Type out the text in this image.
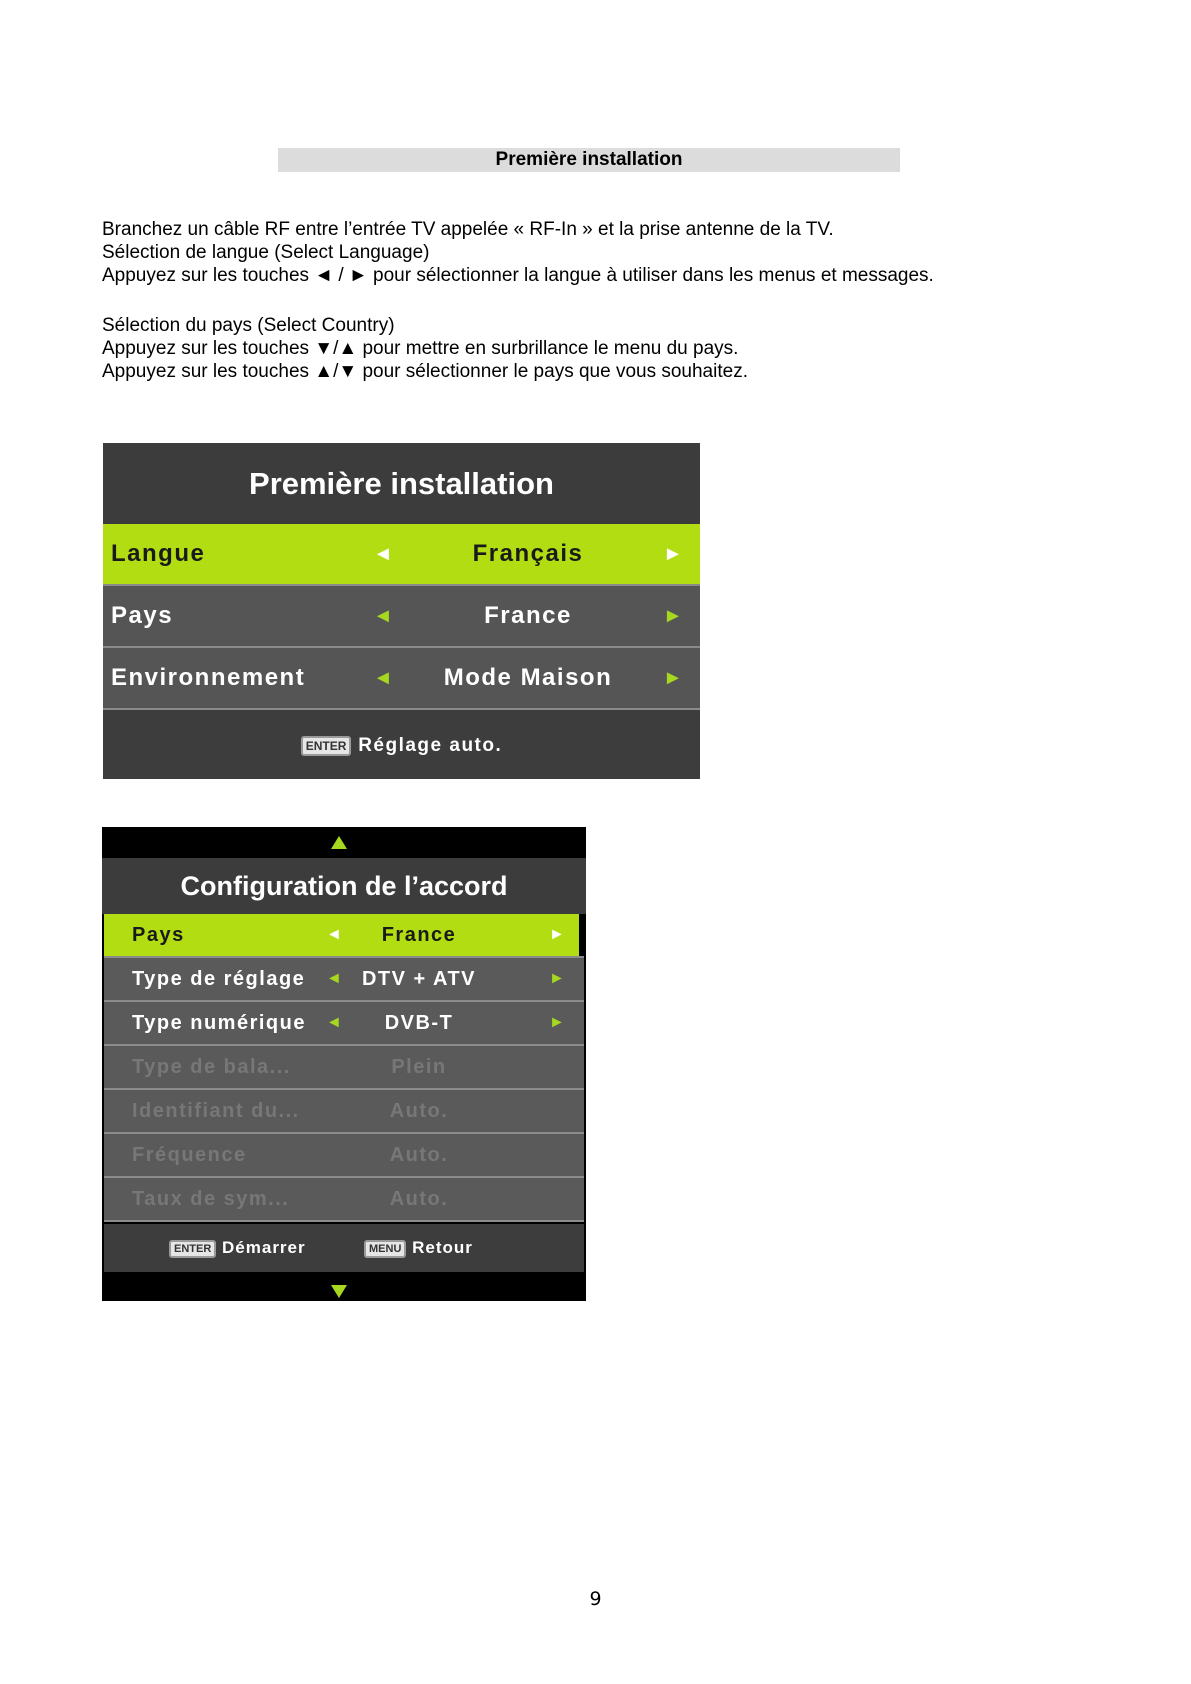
Première installation
Branchez un câble RF entre l’entrée TV appelée « RF-In » et la prise antenne de la TV.
Sélection de langue (Select Language)
Appuyez sur les touches ◄ / ► pour sélectionner la langue à utiliser dans les menus et messages.
Sélection du pays (Select Country)
Appuyez sur les touches ▼/▲ pour mettre en surbrillance le menu du pays.
Appuyez sur les touches ▲/▼ pour sélectionner le pays que vous souhaitez.
Première installation
Langue	◄	Français	►
Pays	◄	France	►
Environnement	◄	Mode Maison	►
ENTER Réglage auto.
Configuration de l’accord
Pays	◄	France	►
Type de réglage ◄ DTV + ATV	►
Type numérique ◄	DVB-T	►
Type de bala...	Plein
Identifiant du...	Auto.
Fréquence	Auto.
Taux de sym...	Auto.
ENTER Démarrer	MENU Retour
9
